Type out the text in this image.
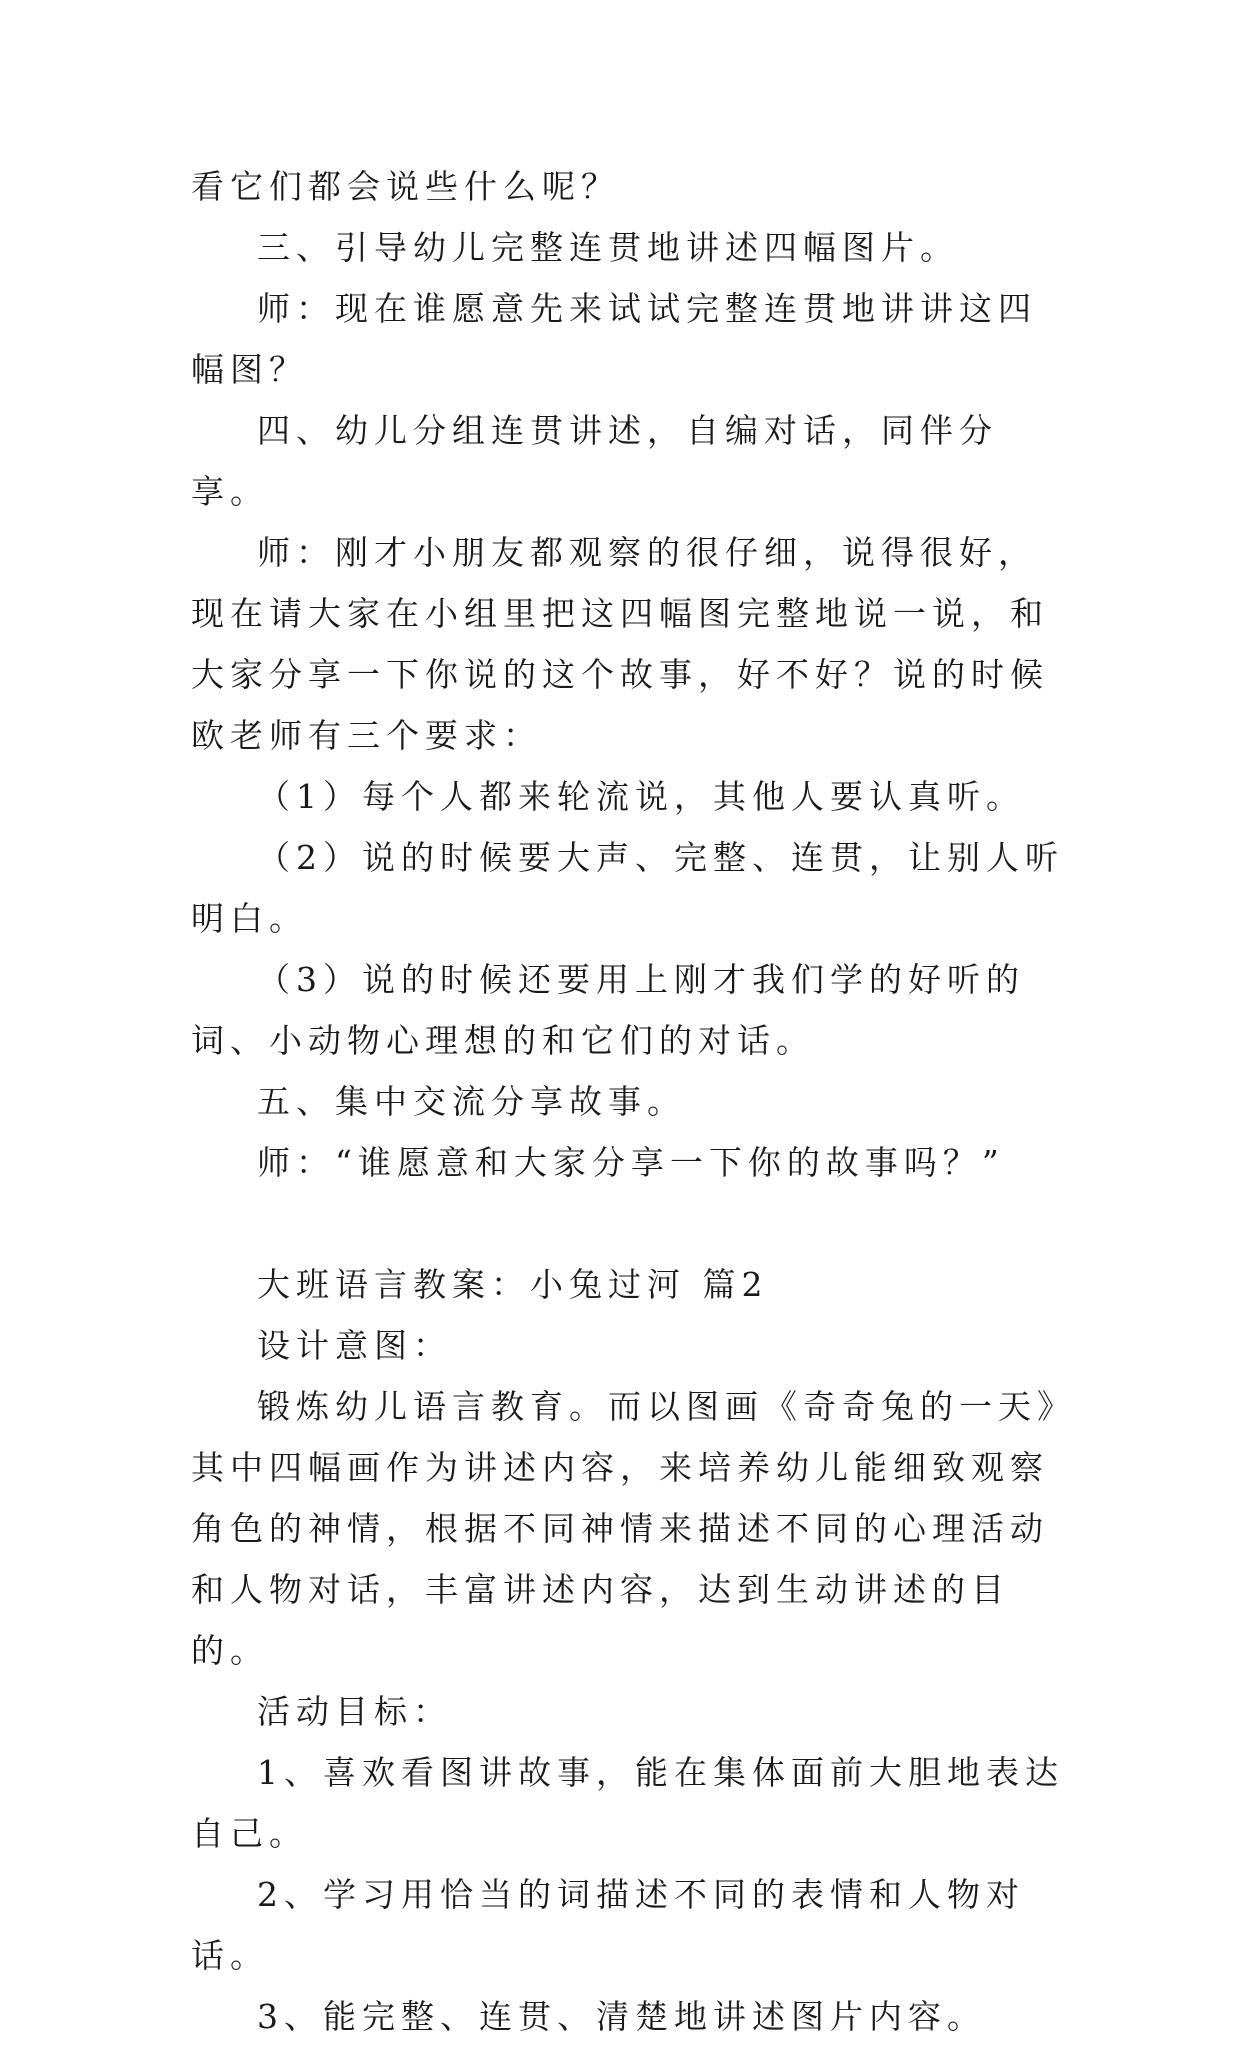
看它们都会说些什么呢？

三、引导幼儿完整连贯地讲述四幅图片。

师：现在谁愿意先来试试完整连贯地讲讲这四幅图？

四、幼儿分组连贯讲述，自编对话，同伴分享。

师：刚才小朋友都观察的很仔细，说得很好，现在请大家在小组里把这四幅图完整地说一说，和大家分享一下你说的这个故事，好不好？说的时候欧老师有三个要求：

（1）每个人都来轮流说，其他人要认真听。

（2）说的时候要大声、完整、连贯，让别人听明白。

（3）说的时候还要用上刚才我们学的好听的词、小动物心理想的和它们的对话。

五、集中交流分享故事。

师：“谁愿意和大家分享一下你的故事吗？”

大班语言教案：小兔过河 篇2

设计意图：

锻炼幼儿语言教育。而以图画《奇奇兔的一天》其中四幅画作为讲述内容，来培养幼儿能细致观察角色的神情，根据不同神情来描述不同的心理活动和人物对话，丰富讲述内容，达到生动讲述的目的。

活动目标：

1、喜欢看图讲故事，能在集体面前大胆地表达自己。

2、学习用恰当的词描述不同的表情和人物对话。

3、能完整、连贯、清楚地讲述图片内容。
